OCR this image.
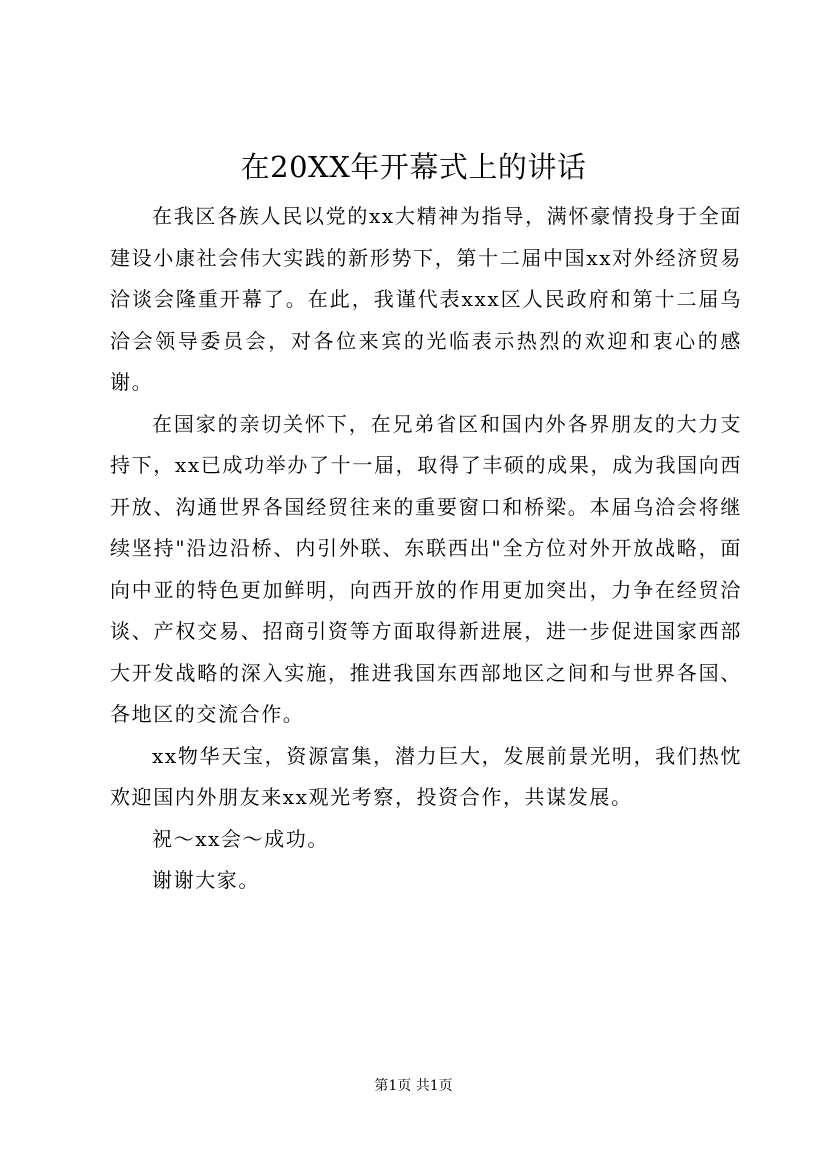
在20XX年开幕式上的讲话

在我区各族人民以党的xx大精神为指导，满怀豪情投身于全面建设小康社会伟大实践的新形势下，第十二届中国xx对外经济贸易洽谈会隆重开幕了。在此，我谨代表xxx区人民政府和第十二届乌洽会领导委员会，对各位来宾的光临表示热烈的欢迎和衷心的感谢。

在国家的亲切关怀下，在兄弟省区和国内外各界朋友的大力支持下，xx已成功举办了十一届，取得了丰硕的成果，成为我国向西开放、沟通世界各国经贸往来的重要窗口和桥梁。本届乌洽会将继续坚持"沿边沿桥、内引外联、东联西出"全方位对外开放战略，面向中亚的特色更加鲜明，向西开放的作用更加突出，力争在经贸洽谈、产权交易、招商引资等方面取得新进展，进一步促进国家西部大开发战略的深入实施，推进我国东西部地区之间和与世界各国、各地区的交流合作。

xx物华天宝，资源富集，潜力巨大，发展前景光明，我们热忱欢迎国内外朋友来xx观光考察，投资合作，共谋发展。

祝～xx会～成功。

谢谢大家。

第1页 共1页
